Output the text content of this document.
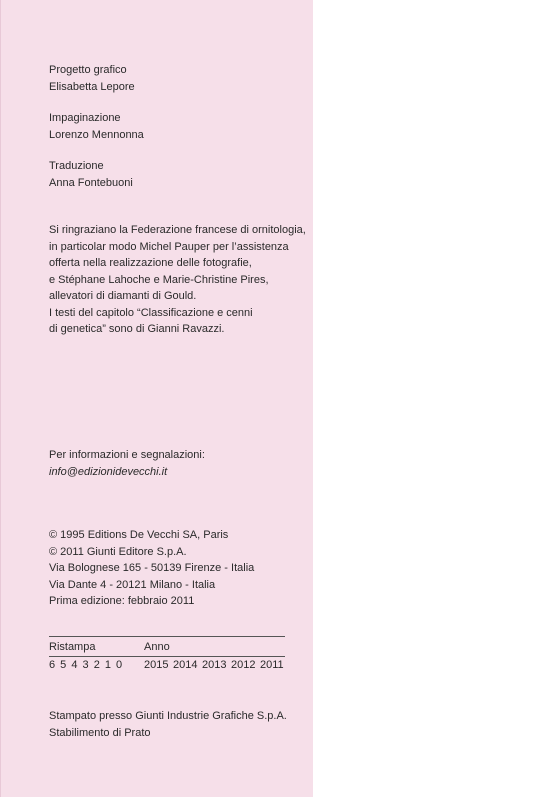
Progetto grafico
Elisabetta Lepore
Impaginazione
Lorenzo Mennonna
Traduzione
Anna Fontebuoni
Si ringraziano la Federazione francese di ornitologia,
in particolar modo Michel Pauper per l’assistenza
offerta nella realizzazione delle fotografie,
e Stéphane Lahoche e Marie-Christine Pires,
allevatori di diamanti di Gould.
I testi del capitolo “Classificazione e cenni
di genetica” sono di Gianni Ravazzi.
Per informazioni e segnalazioni:
info@edizionidevecchi.it
© 1995 Editions De Vecchi SA, Paris
© 2011 Giunti Editore S.p.A.
Via Bolognese 165 - 50139 Firenze - Italia
Via Dante 4 - 20121 Milano - Italia
Prima edizione: febbraio 2011
Ristampa	Anno
6 5 4 3 2 1 0 2015 2014 2013 2012 2011
Stampato presso Giunti Industrie Grafiche S.p.A.
Stabilimento di Prato
